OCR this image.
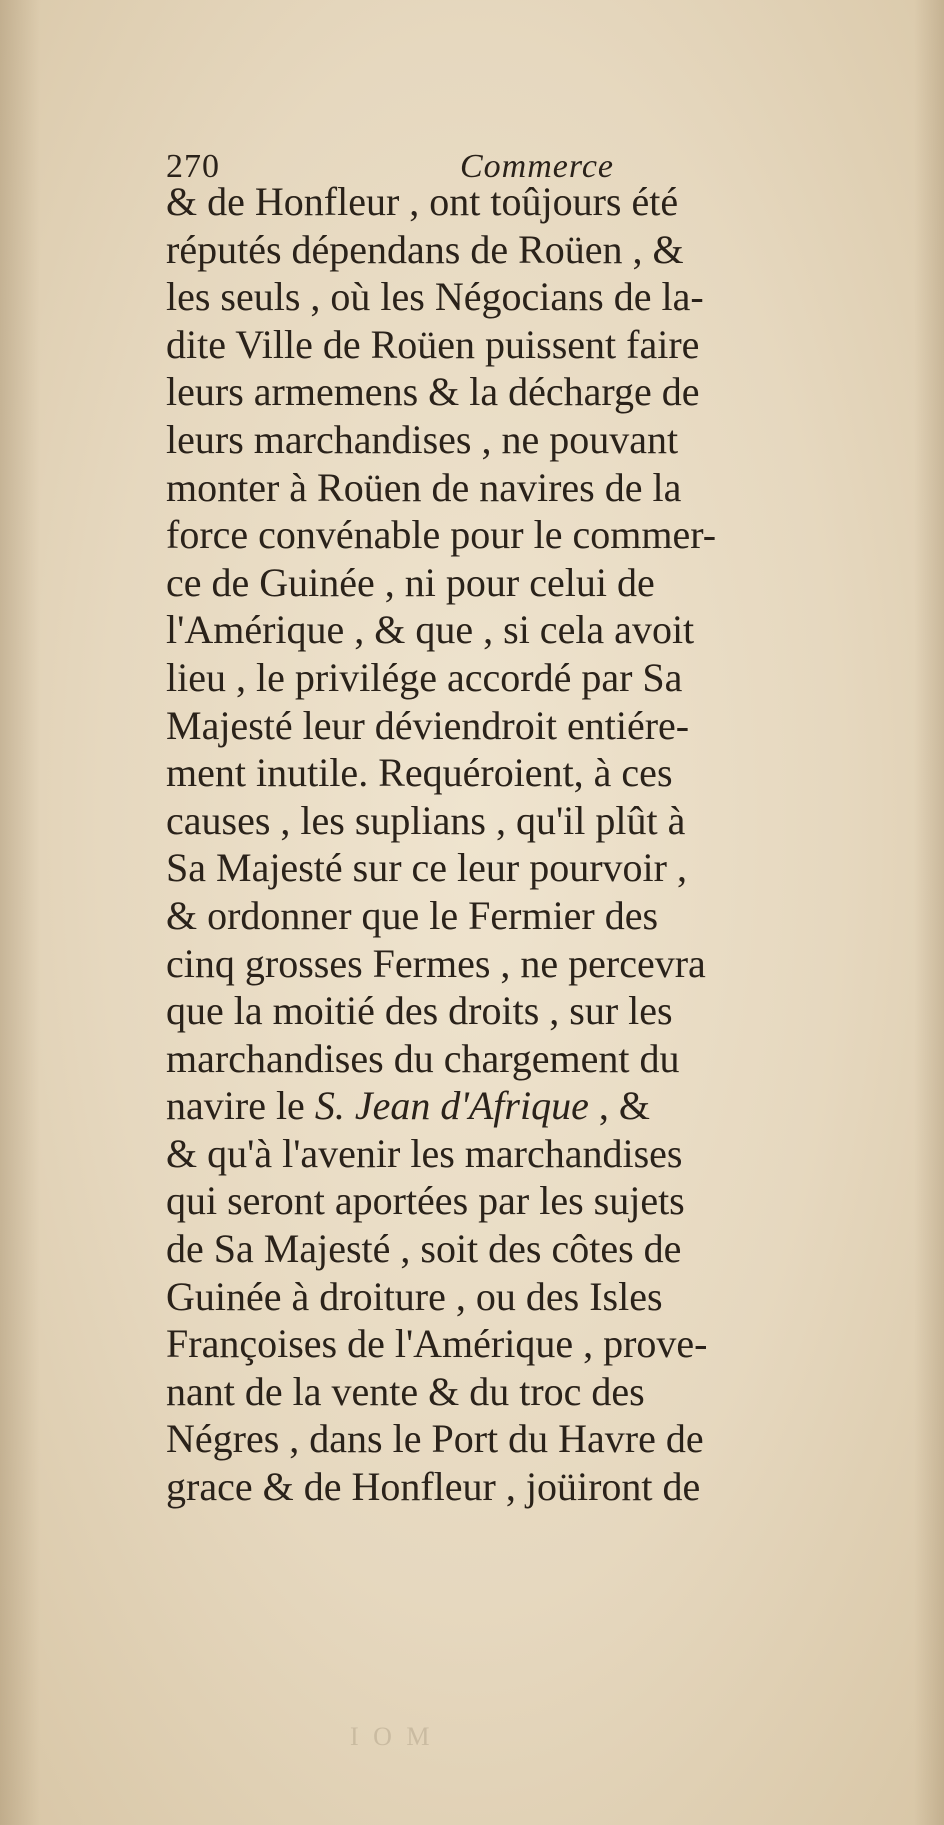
270	Commerce
& de Honfleur , ont toûjours été
réputés dépendans de Roüen , &
les seuls , où les Négocians de la-
dite Ville de Roüen puissent faire
leurs armemens & la décharge de
leurs marchandises , ne pouvant
monter à Roüen de navires de la
force convénable pour le commer-
ce de Guinée , ni pour celui de
l'Amérique , & que , si cela avoit
lieu , le privilége accordé par Sa
Majesté leur déviendroit entiére-
ment inutile. Requéroient, à ces
causes , les suplians , qu'il plût à
Sa Majesté sur ce leur pourvoir ,
& ordonner que le Fermier des
cinq grosses Fermes , ne percevra
que la moitié des droits , sur les
marchandises du chargement du
navire le S. Jean d'Afrique , &
& qu'à l'avenir les marchandises
qui seront aportées par les sujets
de Sa Majesté , soit des côtes de
Guinée à droiture , ou des Isles
Françoises de l'Amérique , prove-
nant de la vente & du troc des
Négres , dans le Port du Havre de
grace & de Honfleur , joüiront de
I O M
